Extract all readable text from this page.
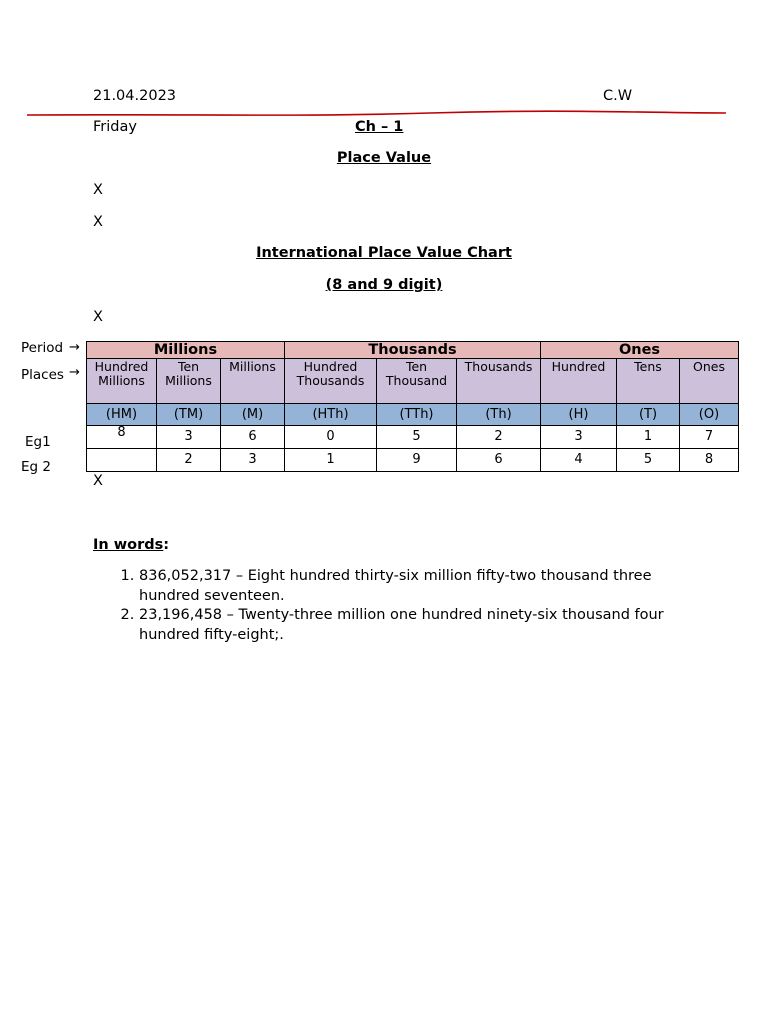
21.04.2023	C.W
Friday	Ch – 1
Place Value
X
X
International Place Value Chart
(8 and 9 digit)
X
Period →
Places →
Eg1
Eg 2
Millions			Thousands			Ones		
Hundred Millions	Ten Millions	Millions	Hundred Thousands	Ten Thousand	Thousands	Hundred	Tens	Ones
(HM)	(TM)	(M)	(HTh)	(TTh)	(Th)	(H)	(T)	(O)
8	3	6	0	5	2	3	1	7
	2	3	1	9	6	4	5	8
X
In words:
1. 836,052,317 – Eight hundred thirty-six million fifty-two thousand three hundred seventeen.
2. 23,196,458 – Twenty-three million one hundred ninety-six thousand four hundred fifty-eight;.
